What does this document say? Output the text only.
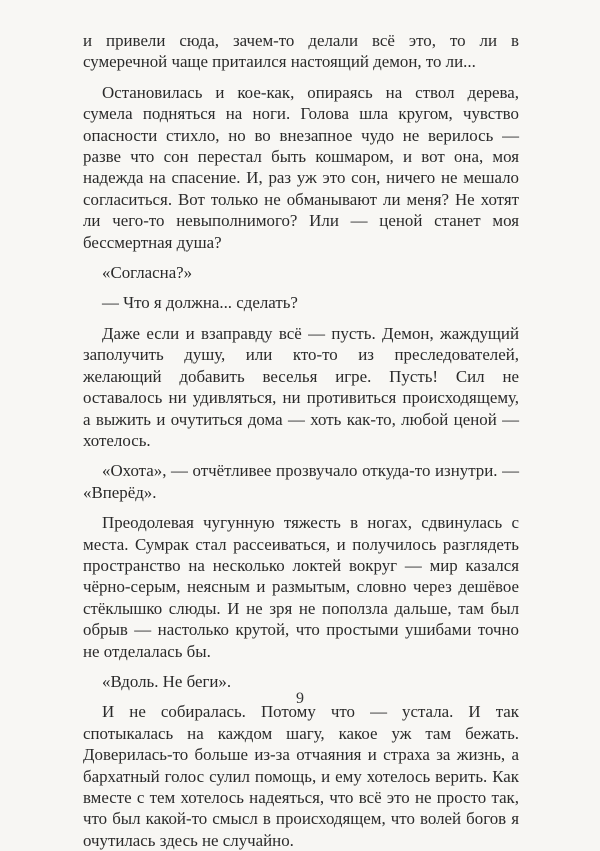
и привели сюда, зачем-то делали всё это, то ли в сумеречной чаще притаился настоящий демон, то ли...

Остановилась и кое-как, опираясь на ствол дерева, сумела подняться на ноги. Голова шла кругом, чувство опасности стихло, но во внезапное чудо не верилось — разве что сон перестал быть кошмаром, и вот она, моя надежда на спасение. И, раз уж это сон, ничего не мешало согласиться. Вот только не обманывают ли меня? Не хотят ли чего-то невыполнимого? Или — ценой станет моя бессмертная душа?

«Согласна?»

— Что я должна... сделать?

Даже если и взаправду всё — пусть. Демон, жаждущий заполучить душу, или кто-то из преследователей, желающий добавить веселья игре. Пусть! Сил не оставалось ни удивляться, ни противиться происходящему, а выжить и очутиться дома — хоть как-то, любой ценой — хотелось.

«Охота», — отчётливее прозвучало откуда-то изнутри. — «Вперёд».

Преодолевая чугунную тяжесть в ногах, сдвинулась с места. Сумрак стал рассеиваться, и получилось разглядеть пространство на несколько локтей вокруг — мир казался чёрно-серым, неясным и размытым, словно через дешёвое стёклышко слюды. И не зря не поползла дальше, там был обрыв — настолько крутой, что простыми ушибами точно не отделалась бы.

«Вдоль. Не беги».

И не собиралась. Потому что — устала. И так спотыкалась на каждом шагу, какое уж там бежать. Доверилась-то больше из-за отчаяния и страха за жизнь, а бархатный голос сулил помощь, и ему хотелось верить. Как вместе с тем хотелось надеяться, что всё это не просто так, что был какой-то смысл в происходящем, что волей богов я очутилась здесь не случайно.

9
